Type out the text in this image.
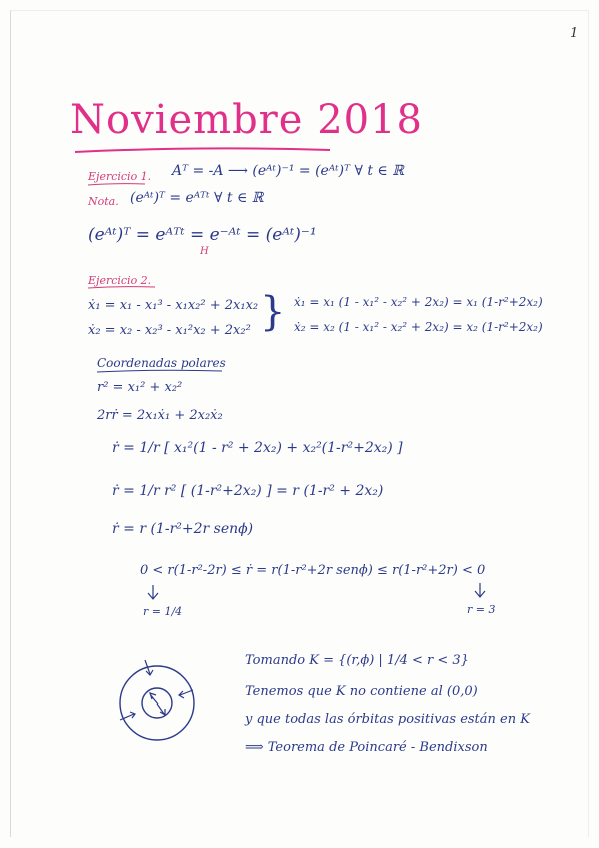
1
Noviembre 2018
Ejercicio 1. Aᵀ = -A ⟶ (eᴬᵗ)⁻¹ = (eᴬᵗ)ᵀ ∀ t ∈ ℝ
Nota. (eᴬᵗ)ᵀ = eᴬᵀᵗ ∀ t ∈ ℝ
(eᴬᵗ)ᵀ = eᴬᵀᵗ = e⁻ᴬᵗ = (eᴬᵗ)⁻¹
H
Ejercicio 2.
ẋ₁ = x₁ - x₁³ - x₁x₂² + 2x₁x₂
ẋ₂ = x₂ - x₂³ - x₁²x₂ + 2x₂² } ẋ₁ = x₁ (1 - x₁² - x₂² + 2x₂) = x₁ (1-r²+2x₂)
ẋ₂ = x₂ (1 - x₁² - x₂² + 2x₂) = x₂ (1-r²+2x₂)
Coordenadas polares
r² = x₁² + x₂²
2rṙ = 2x₁ẋ₁ + 2x₂ẋ₂
ṙ = 1/r [ x₁²(1 - r² + 2x₂) + x₂²(1-r²+2x₂) ]
ṙ = 1/r r² [ (1-r²+2x₂) ] = r (1-r² + 2x₂)
ṙ = r (1-r²+2r senϕ)
0 < r(1-r²-2r) ≤ ṙ = r(1-r²+2r senϕ) ≤ r(1-r²+2r) < 0
r = 1/4	r = 3
Tomando K = {(r,ϕ) | 1/4 < r < 3}
Tenemos que K no contiene al (0,0)
y que todas las órbitas positivas están en K
⟹ Teorema de Poincaré - Bendixson
